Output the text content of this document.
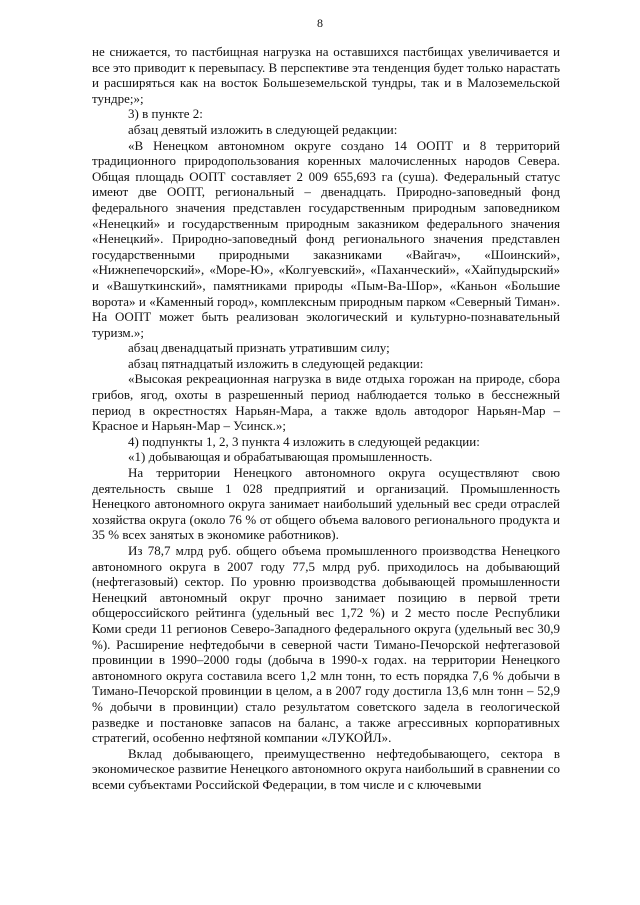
8

не снижается, то пастбищная нагрузка на оставшихся пастбищах увеличивается и все это приводит к перевыпасу. В перспективе эта тенденция будет только нарастать и расширяться как на восток Большеземельской тундры, так и в Малоземельской тундре;»;

3) в пункте 2:

абзац девятый изложить в следующей редакции:

«В Ненецком автономном округе создано 14 ООПТ и 8 территорий традиционного природопользования коренных малочисленных народов Севера. Общая площадь ООПТ составляет 2 009 655,693 га (суша). Федеральный статус имеют две ООПТ, региональный – двенадцать. Природно-заповедный фонд федерального значения представлен государственным природным заповедником «Ненецкий» и государственным природным заказником федерального значения «Ненецкий». Природно-заповедный фонд регионального значения представлен государственными природными заказниками «Вайгач», «Шоинский», «Нижнепечорский», «Море-Ю», «Колгуевский», «Паханческий», «Хайпудырский» и «Вашуткинский», памятниками природы «Пым-Ва-Шор», «Каньон «Большие ворота» и «Каменный город», комплексным природным парком «Северный Тиман». На ООПТ может быть реализован экологический и культурно-познавательный туризм.»;

абзац двенадцатый признать утратившим силу;

абзац пятнадцатый изложить в следующей редакции:

«Высокая рекреационная нагрузка в виде отдыха горожан на природе, сбора грибов, ягод, охоты в разрешенный период наблюдается только в бесснежный период в окрестностях Нарьян-Мара, а также вдоль автодорог Нарьян-Мар – Красное и Нарьян-Мар – Усинск.»;

4) подпункты 1, 2, 3 пункта 4 изложить в следующей редакции:

«1) добывающая и обрабатывающая промышленность.

На территории Ненецкого автономного округа осуществляют свою деятельность свыше 1 028 предприятий и организаций. Промышленность Ненецкого автономного округа занимает наибольший удельный вес среди отраслей хозяйства округа (около 76 % от общего объема валового регионального продукта и 35 % всех занятых в экономике работников).

Из 78,7 млрд руб. общего объема промышленного производства Ненецкого автономного округа в 2007 году 77,5 млрд руб. приходилось на добывающий (нефтегазовый) сектор. По уровню производства добывающей промышленности Ненецкий автономный округ прочно занимает позицию в первой трети общероссийского рейтинга (удельный вес 1,72 %) и 2 место после Республики Коми среди 11 регионов Северо-Западного федерального округа (удельный вес 30,9 %). Расширение нефтедобычи в северной части Тимано-Печорской нефтегазовой провинции в 1990–2000 годы (добыча в 1990-х годах. на территории Ненецкого автономного округа составила всего 1,2 млн тонн, то есть порядка 7,6 % добычи в Тимано-Печорской провинции в целом, а в 2007 году достигла 13,6 млн тонн – 52,9 % добычи в провинции) стало результатом советского задела в геологической разведке и постановке запасов на баланс, а также агрессивных корпоративных стратегий, особенно нефтяной компании «ЛУКОЙЛ».

Вклад добывающего, преимущественно нефтедобывающего, сектора в экономическое развитие Ненецкого автономного округа наибольший в сравнении со всеми субъектами Российской Федерации, в том числе и с ключевыми
